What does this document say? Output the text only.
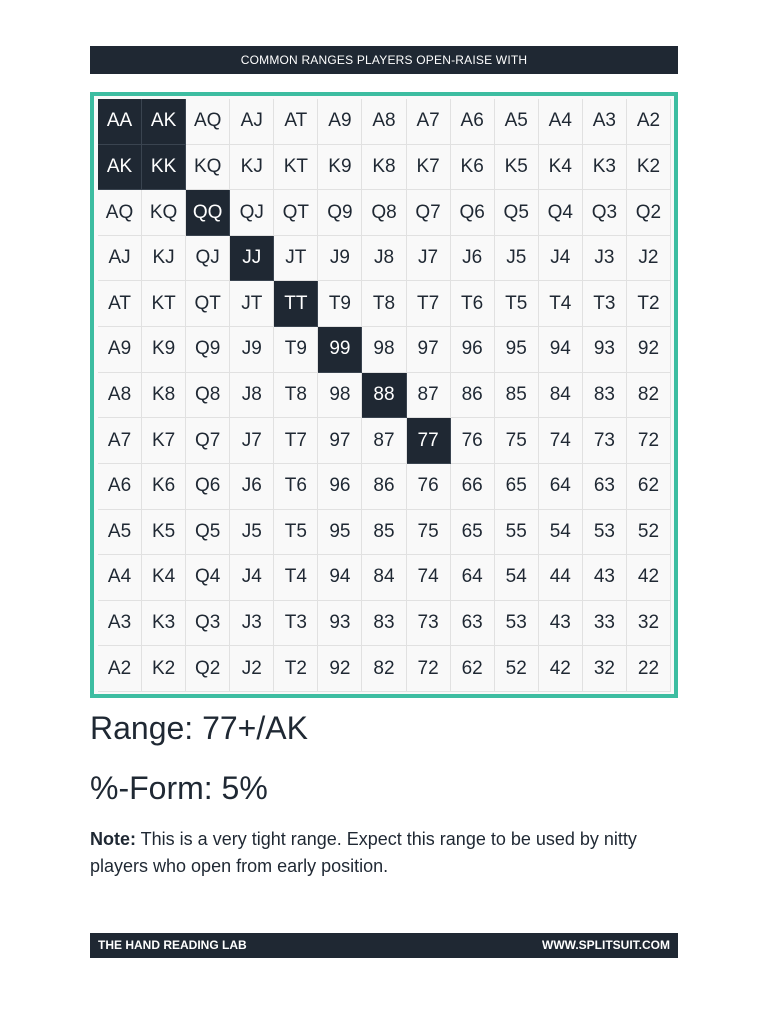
COMMON RANGES PLAYERS OPEN-RAISE WITH
AA AK AQ	AJ	AT	A9	A8	A7	A6	A5	A4	A3	A2
AK KK KQ	KJ	KT	K9	K8	K7	K6	K5	K4	K3	K2
AQ KQ QQ QJ QT Q9 Q8 Q7 Q6 Q5 Q4 Q3 Q2
AJ	KJ	QJ	JJ	JT	J9	J8	J7	J6	J5	J4	J3	J2
AT	KT QT	JT	TT	T9	T8	T7	T6	T5	T4	T3	T2
A9	K9	Q9	J9	T9	99	98	97	96	95	94	93	92
A8	K8	Q8	J8	T8	98	88	87	86	85	84	83	82
A7	K7	Q7	J7	T7	97	87	77	76	75	74	73	72
A6	K6	Q6	J6	T6	96	86	76	66	65	64	63	62
A5	K5	Q5	J5	T5	95	85	75	65	55	54	53	52
A4	K4	Q4	J4	T4	94	84	74	64	54	44	43	42
A3	K3	Q3	J3	T3	93	83	73	63	53	43	33	32
A2	K2	Q2	J2	T2	92	82	72	62	52	42	32	22
Range: 77+/AK
%-Form: 5%
Note: This is a very tight range. Expect this range to be used by nitty players who open from early position.
THE HAND READING LAB	WWW.SPLITSUIT.COM
